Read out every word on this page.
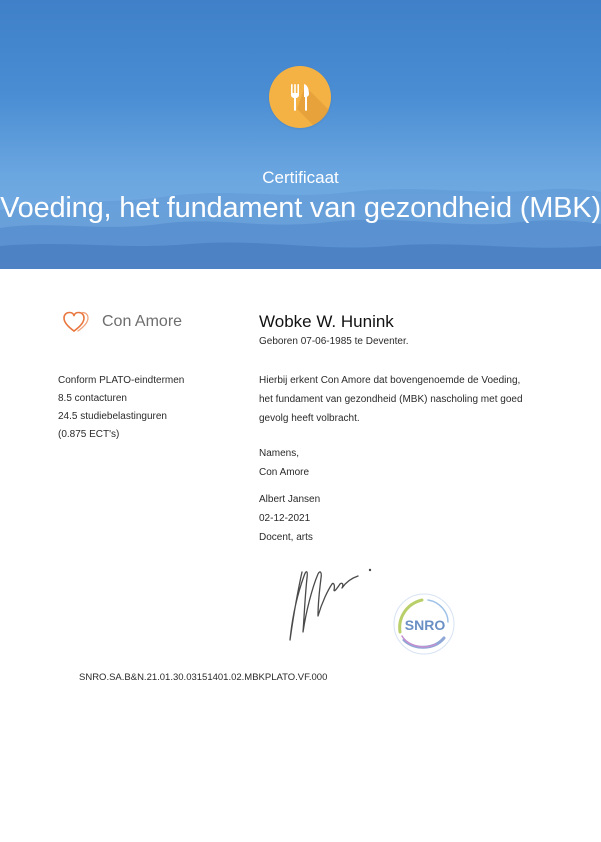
Certificaat
Voeding, het fundament van gezondheid (MBK)
Con Amore
Conform PLATO-eindtermen
8.5 contacturen
24.5 studiebelastinguren
(0.875 ECT's)
Wobke W. Hunink
Geboren 07-06-1985 te Deventer.
Hierbij erkent Con Amore dat bovengenoemde de Voeding,
het fundament van gezondheid (MBK) nascholing met goed
gevolg heeft volbracht.
Namens,
Con Amore
Albert Jansen
02-12-2021
Docent, arts
SNRO
SNRO.SA.B&N.21.01.30.03151401.02.MBKPLATO.VF.000
